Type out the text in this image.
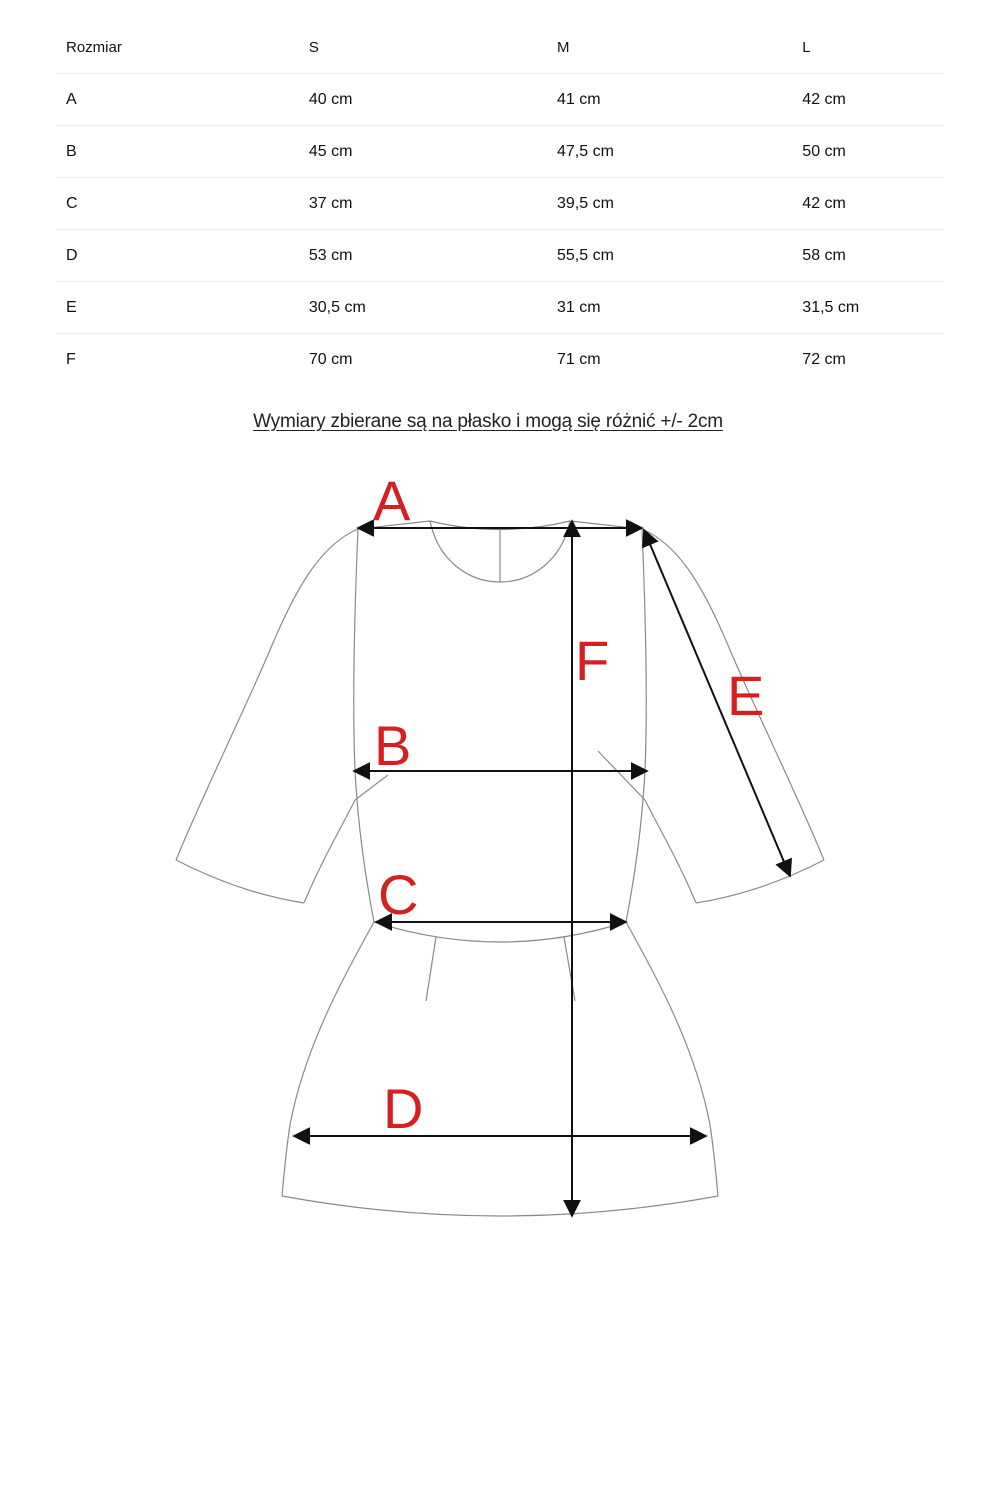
Rozmiar	S	M	L
A	40 cm	41 cm	42 cm
B	45 cm	47,5 cm	50 cm
C	37 cm	39,5 cm	42 cm
D	53 cm	55,5 cm	58 cm
E	30,5 cm	31 cm	31,5 cm
F	70 cm	71 cm	72 cm
Wymiary zbierane są na płasko i mogą się różnić +/- 2cm
A
B
C
D
E
F
